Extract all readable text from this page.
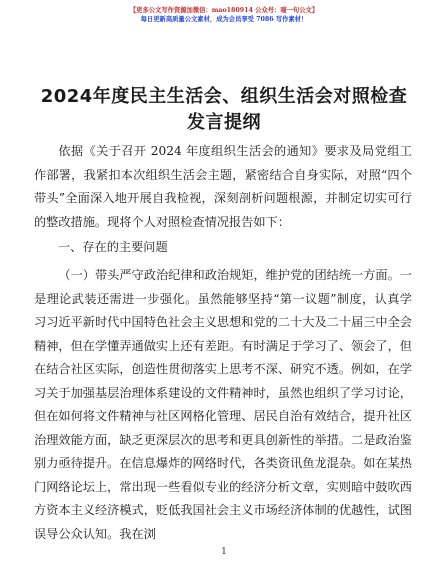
【更多公文写作资源加微信：mao180914 公众号：喵一句公文】
每日更新高质量公文素材，成为会员享受 7086 写作素材！
2024年度民主生活会、组织生活会对照检查发言提纲

依据《关于召开 2024 年度组织生活会的通知》要求及局党组工作部署，我紧扣本次组织生活会主题，紧密结合自身实际，对照“四个带头”全面深入地开展自我检视，深刻剖析问题根源，并制定切实可行的整改措施。现将个人对照检查情况报告如下：

一、存在的主要问题

（一）带头严守政治纪律和政治规矩，维护党的团结统一方面。一是理论武装还需进一步强化。虽然能够坚持“第一议题”制度，认真学习习近平新时代中国特色社会主义思想和党的二十大及二十届三中全会精神，但在学懂弄通做实上还有差距。有时满足于学习了、领会了，但在结合社区实际，创造性贯彻落实上思考不深、研究不透。例如，在学习关于加强基层治理体系建设的文件精神时，虽然也组织了学习讨论，但在如何将文件精神与社区网格化管理、居民自治有效结合，提升社区治理效能方面，缺乏更深层次的思考和更具创新性的举措。二是政治鉴别力亟待提升。在信息爆炸的网络时代，各类资讯鱼龙混杂。如在某热门网络论坛上，常出现一些看似专业的经济分析文章，实则暗中鼓吹西方资本主义经济模式，贬低我国社会主义市场经济体制的优越性，试图误导公众认知。我在浏

1
